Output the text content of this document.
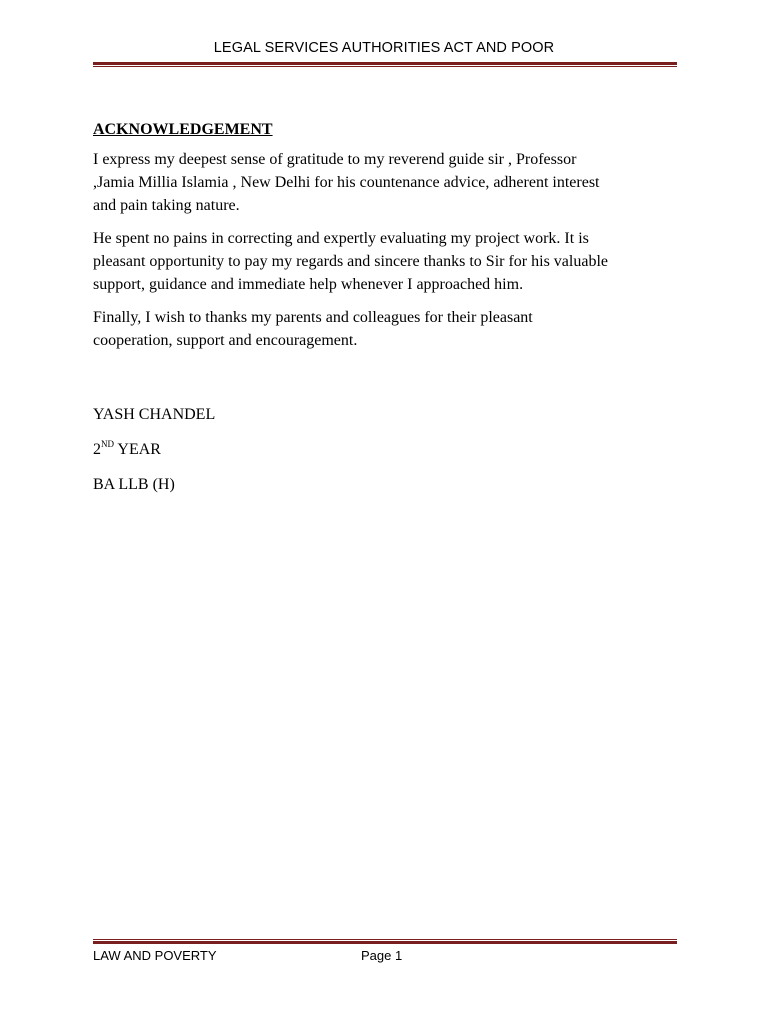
LEGAL SERVICES AUTHORITIES ACT AND POOR
ACKNOWLEDGEMENT

I express my deepest sense of gratitude to my reverend guide sir , Professor
,Jamia Millia Islamia , New Delhi for his countenance advice, adherent interest
and pain taking nature.

He spent no pains in correcting and expertly evaluating my project work. It is
pleasant opportunity to pay my regards and sincere thanks to Sir for his valuable
support, guidance and immediate help whenever I approached him.

Finally, I wish to thanks my parents and colleagues for their pleasant
cooperation, support and encouragement.

YASH CHANDEL
2ND YEAR
BA LLB (H)
LAW AND POVERTY	Page 1
